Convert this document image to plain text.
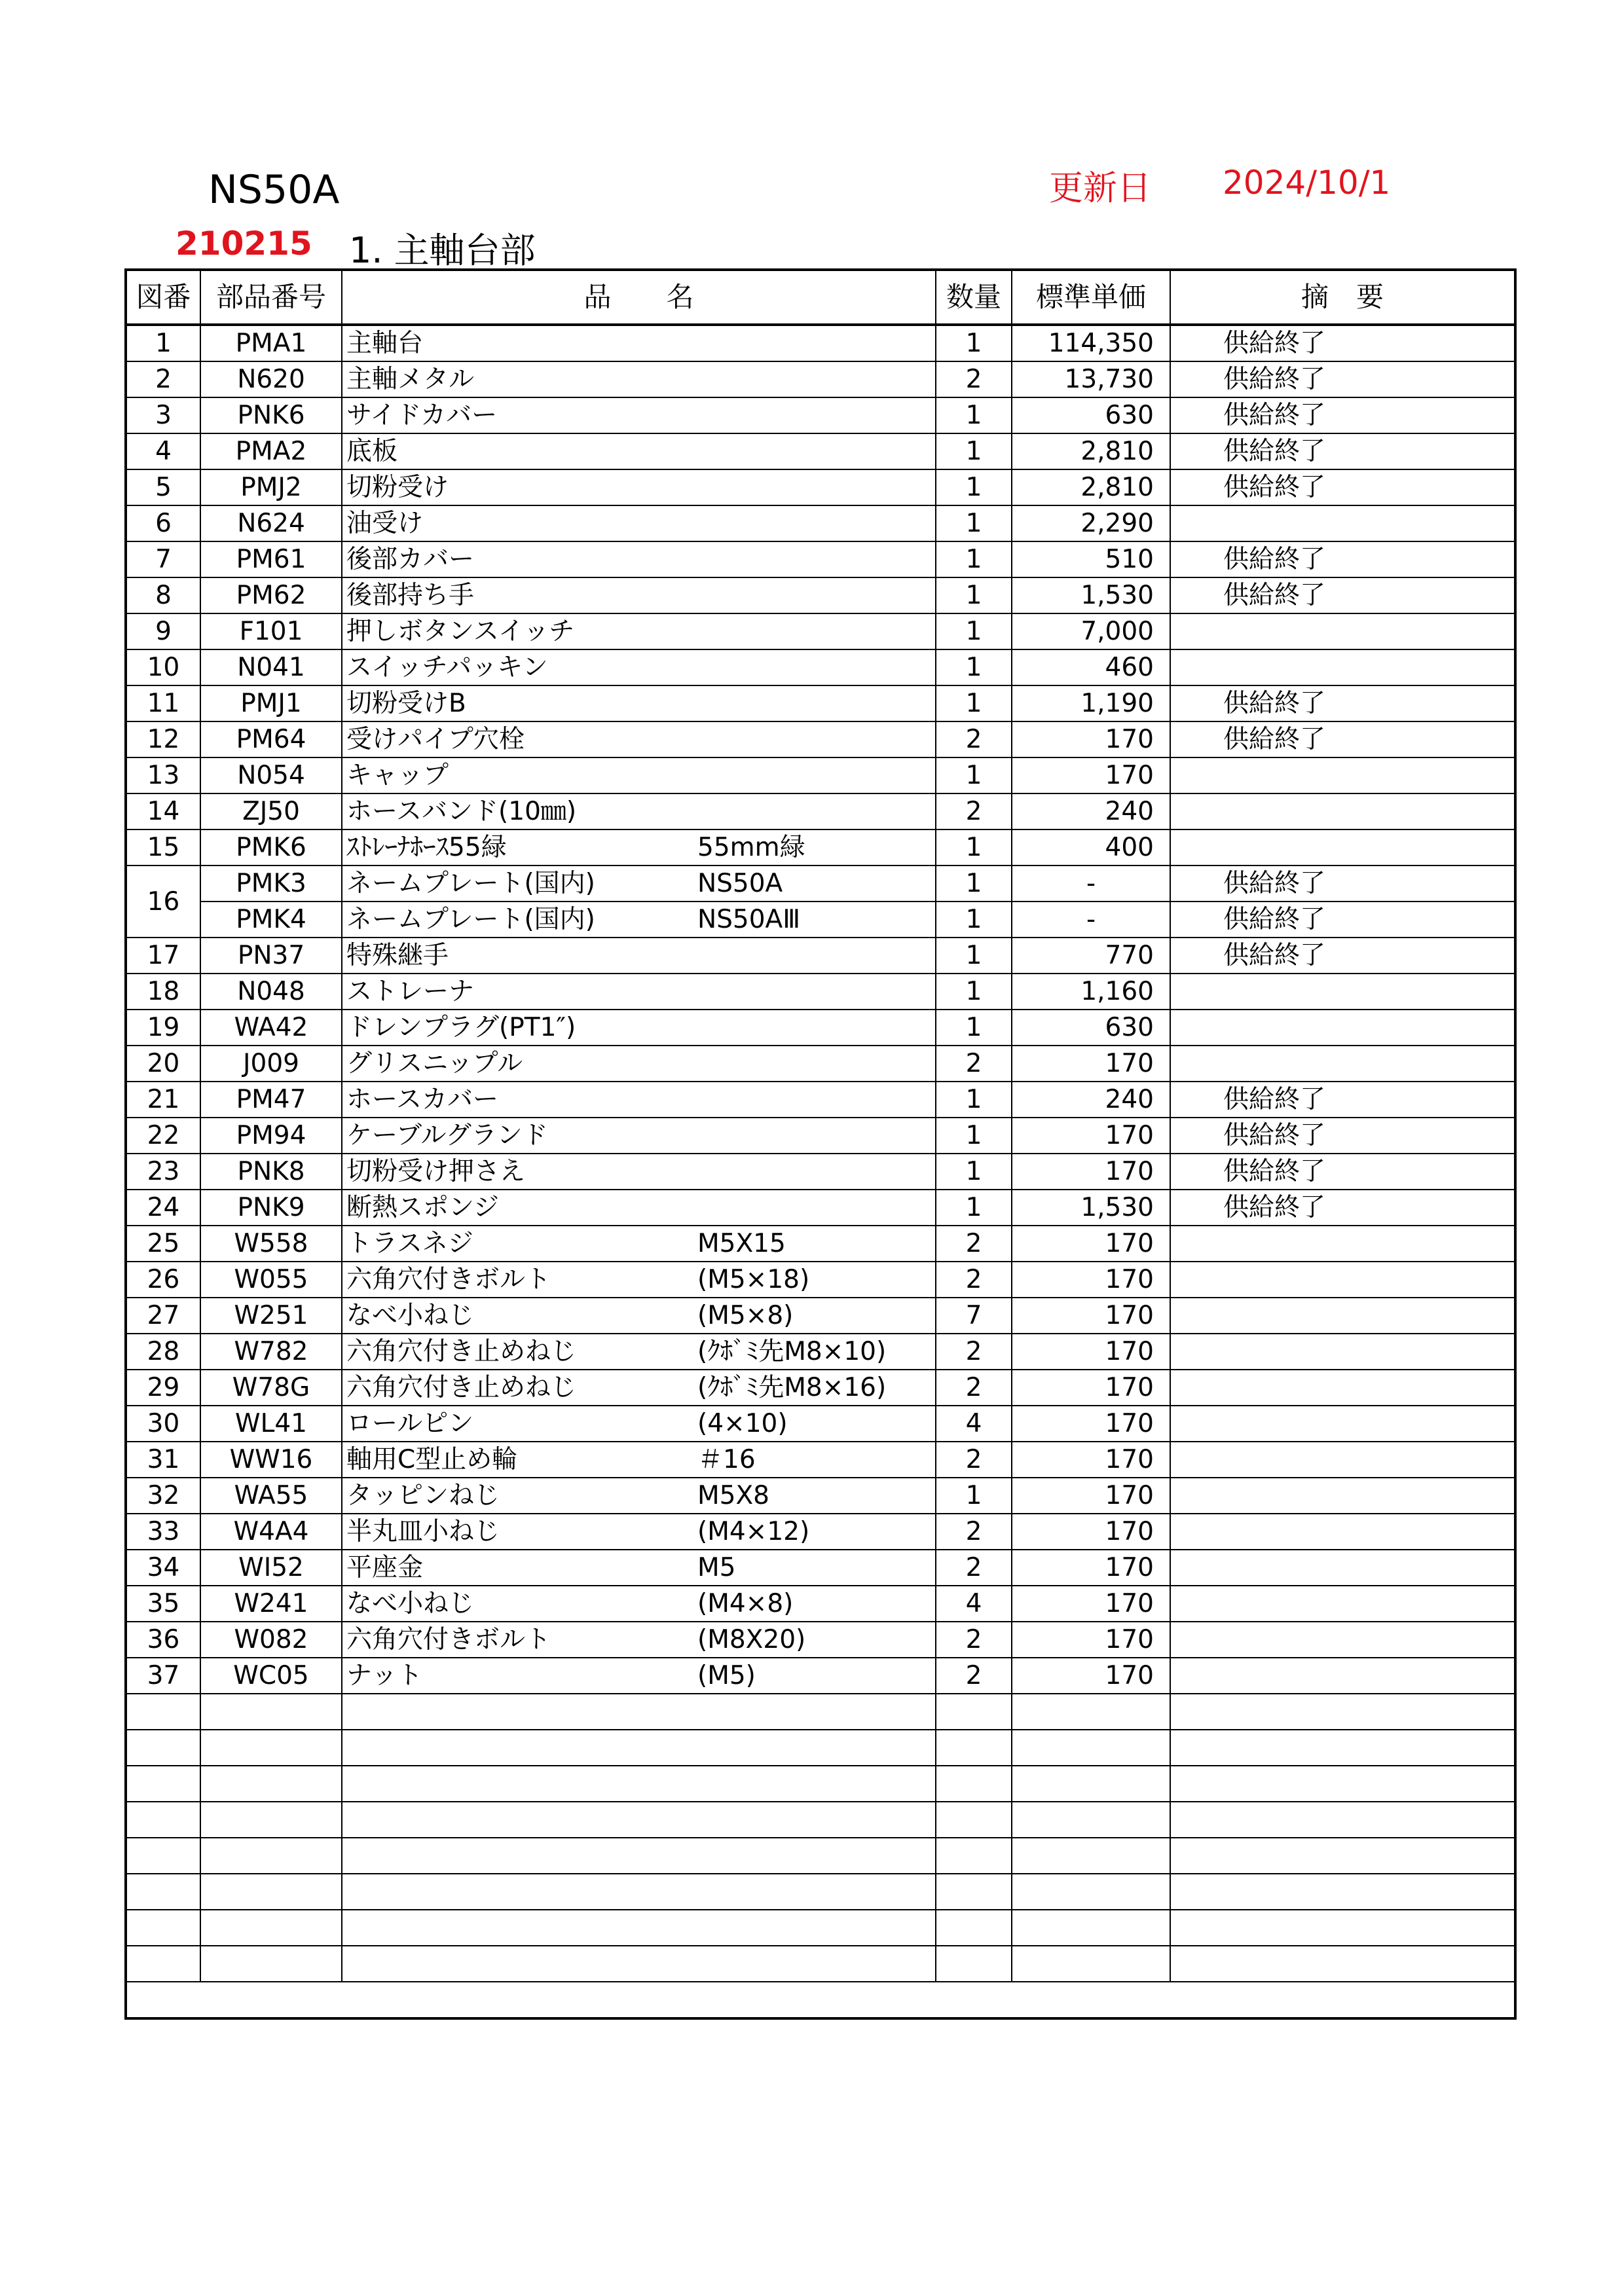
NS50A	更新日 2024/10/1
210215 1. 主軸台部
図番	部品番号	品　　名	数量	標準単価	摘　要
1	PMA1	主軸台	1	114,350	供給終了
2	N620	主軸メタル	2	13,730	供給終了
3	PNK6	サイドカバー	1	630	供給終了
4	PMA2	底板	1	2,810	供給終了
5	PMJ2	切粉受け	1	2,810	供給終了
6	N624	油受け	1	2,290	
7	PM61	後部カバー	1	510	供給終了
8	PM62	後部持ち手	1	1,530	供給終了
9	F101	押しボタンスイッチ	1	7,000	
10	N041	スイッチパッキン	1	460	
11	PMJ1	切粉受けB	1	1,190	供給終了
12	PM64	受けパイプ穴栓	2	170	供給終了
13	N054	キャップ	1	170	
14	ZJ50	ホースバンド(10㎜)	2	240	
15	PMK6	ｽﾄﾚｰﾅﾎｰｽ55緑 55mm緑	1	400	
16	PMK3	ネームプレート(国内) NS50A	1	-	供給終了
	PMK4	ネームプレート(国内) NS50AⅢ	1	-	供給終了
17	PN37	特殊継手	1	770	供給終了
18	N048	ストレーナ	1	1,160	
19	WA42	ドレンプラグ(PT1″)	1	630	
20	J009	グリスニップル	2	170	
21	PM47	ホースカバー	1	240	供給終了
22	PM94	ケーブルグランド	1	170	供給終了
23	PNK8	切粉受け押さえ	1	170	供給終了
24	PNK9	断熱スポンジ	1	1,530	供給終了
25	W558	トラスネジ M5X15	2	170	
26	W055	六角穴付きボルト (M5×18)	2	170	
27	W251	なべ小ねじ (M5×8)	7	170	
28	W782	六角穴付き止めねじ (ｸﾎﾞﾐ先M8×10)	2	170	
29	W78G	六角穴付き止めねじ (ｸﾎﾞﾐ先M8×16)	2	170	
30	WL41	ロールピン (4×10)	4	170	
31	WW16	軸用C型止め輪 ＃16	2	170	
32	WA55	タッピンねじ M5X8	1	170	
33	W4A4	半丸皿小ねじ (M4×12)	2	170	
34	WI52	平座金 M5	2	170	
35	W241	なべ小ねじ (M4×8)	4	170	
36	W082	六角穴付きボルト (M8X20)	2	170	
37	WC05	ナット (M5)	2	170	
